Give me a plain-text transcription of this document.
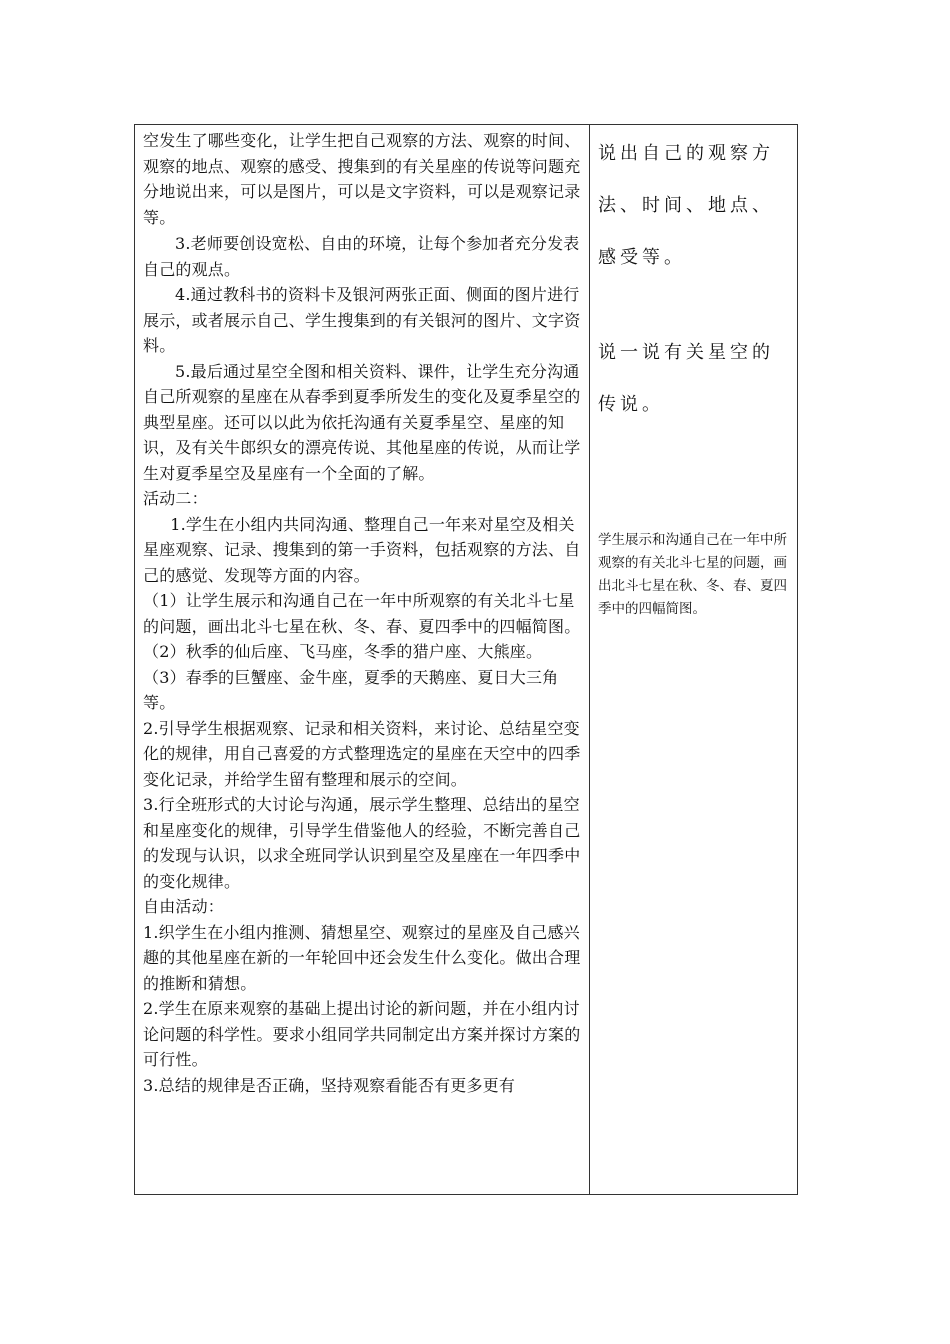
空发生了哪些变化，让学生把自己观察的方法、观察的时间、观察的地点、观察的感受、搜集到的有关星座的传说等问题充分地说出来，可以是图片，可以是文字资料，可以是观察记录等。

3.老师要创设宽松、自由的环境，让每个参加者充分发表自己的观点。

4.通过教科书的资料卡及银河两张正面、侧面的图片进行展示，或者展示自己、学生搜集到的有关银河的图片、文字资料。

5.最后通过星空全图和相关资料、课件，让学生充分沟通自己所观察的星座在从春季到夏季所发生的变化及夏季星空的典型星座。还可以以此为依托沟通有关夏季星空、星座的知识，及有关牛郎织女的漂亮传说、其他星座的传说，从而让学生对夏季星空及星座有一个全面的了解。

活动二：

1.学生在小组内共同沟通、整理自己一年来对星空及相关星座观察、记录、搜集到的第一手资料，包括观察的方法、自己的感觉、发现等方面的内容。

（1）让学生展示和沟通自己在一年中所观察的有关北斗七星的问题，画出北斗七星在秋、冬、春、夏四季中的四幅简图。

（2）秋季的仙后座、飞马座，冬季的猎户座、大熊座。

（3）春季的巨蟹座、金牛座，夏季的天鹅座、夏日大三角等。

2.引导学生根据观察、记录和相关资料，来讨论、总结星空变化的规律，用自己喜爱的方式整理选定的星座在天空中的四季变化记录，并给学生留有整理和展示的空间。

3.行全班形式的大讨论与沟通，展示学生整理、总结出的星空和星座变化的规律，引导学生借鉴他人的经验，不断完善自己的发现与认识，以求全班同学认识到星空及星座在一年四季中的变化规律。

自由活动：

1.织学生在小组内推测、猜想星空、观察过的星座及自己感兴趣的其他星座在新的一年轮回中还会发生什么变化。做出合理的推断和猜想。

2.学生在原来观察的基础上提出讨论的新问题，并在小组内讨论问题的科学性。要求小组同学共同制定出方案并探讨方案的可行性。

3.总结的规律是否正确，坚持观察看能否有更多更有

说出自己的观察方法、时间、地点、感受等。
说一说有关星空的传说。
学生展示和沟通自己在一年中所观察的有关北斗七星的问题，画出北斗七星在秋、冬、春、夏四季中的四幅简图。
